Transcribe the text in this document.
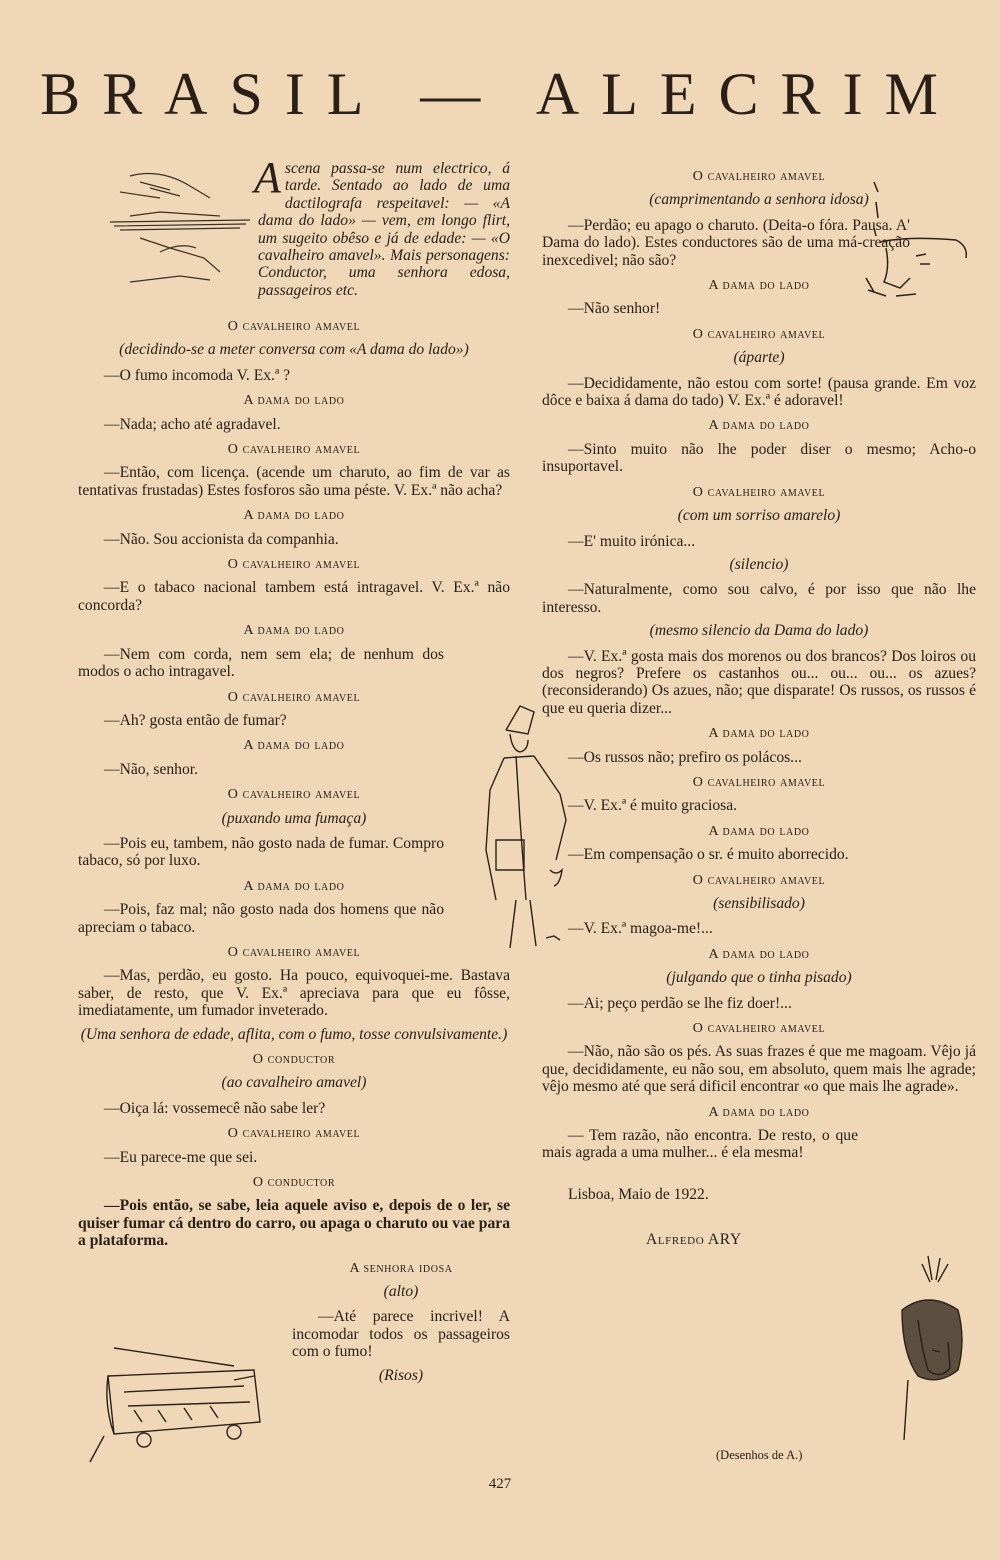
BRASIL — ALECRIM
A scena passa-se num electrico, á tarde. Sentado ao lado de uma dactilografa respeitavel: — «A dama do lado» — vem, em longo flirt, um sugeito obêso e já de edade: — «O cavalheiro amavel». Mais personagens: Conductor, uma senhora edosa, passageiros etc.
O cavalheiro amavel
(decidindo-se a meter conversa com «A dama do lado»)
—O fumo incomoda V. Ex.ª ?
A dama do lado
—Nada; acho até agradavel.
O cavalheiro amavel
—Então, com licença. (acende um charuto, ao fim de var as tentativas frustadas) Estes fosforos são uma péste. V. Ex.ª não acha?
A dama do lado
—Não. Sou accionista da companhia.
O cavalheiro amavel
—E o tabaco nacional tambem está intragavel. V. Ex.ª não concorda?
A dama do lado
—Nem com corda, nem sem ela; de nenhum dos modos o acho intragavel.
O cavalheiro amavel
—Ah? gosta então de fumar?
A dama do lado
—Não, senhor.
O cavalheiro amavel
(puxando uma fumaça)
—Pois eu, tambem, não gosto nada de fumar. Compro tabaco, só por luxo.
A dama do lado
—Pois, faz mal; não gosto nada dos homens que não apreciam o tabaco.
O cavalheiro amavel
—Mas, perdão, eu gosto. Ha pouco, equivoquei-me. Bastava saber, de resto, que V. Ex.ª apreciava para que eu fôsse, imediatamente, um fumador inveterado.
(Uma senhora de edade, aflita, com o fumo, tosse convulsivamente.)
O conductor
(ao cavalheiro amavel)
—Oiça lá: vossemecê não sabe ler?
O cavalheiro amavel
—Eu parece-me que sei.
O conductor
—Pois então, se sabe, leia aquele aviso e, depois de o ler, se quiser fumar cá dentro do carro, ou apaga o charuto ou vae para a plataforma.
A senhora idosa
(alto)
—Até parece incrivel! A incomodar todos os passageiros com o fumo!
(Risos)
O cavalheiro amavel
(camprimentando a senhora idosa)
—Perdão; eu apago o charuto. (Deita-o fóra. Pausa. A' Dama do lado). Estes conductores são de uma má-creação inexcedivel; não são?
A dama do lado
—Não senhor!
O cavalheiro amavel
(áparte)
—Decididamente, não estou com sorte! (pausa grande. Em voz dôce e baixa á dama do tado) V. Ex.ª é adoravel!
A dama do lado
—Sinto muito não lhe poder diser o mesmo; Acho-o insuportavel.
O cavalheiro amavel
(com um sorriso amarelo)
—E' muito irónica...
(silencio)
—Naturalmente, como sou calvo, é por isso que não lhe interesso.
(mesmo silencio da Dama do lado)
—V. Ex.ª gosta mais dos morenos ou dos brancos? Dos loiros ou dos negros? Prefere os castanhos ou... ou... ou... os azues? (reconsiderando) Os azues, não; que disparate! Os russos, os russos é que eu queria dizer...
A dama do lado
—Os russos não; prefiro os polácos...
O cavalheiro amavel
—V. Ex.ª é muito graciosa.
A dama do lado
—Em compensação o sr. é muito aborrecido.
O cavalheiro amavel
(sensibilisado)
—V. Ex.ª magoa-me!...
A dama do lado
(julgando que o tinha pisado)
—Ai; peço perdão se lhe fiz doer!...
O cavalheiro amavel
—Não, não são os pés. As suas frazes é que me magoam. Vêjo já que, decididamente, eu não sou, em absoluto, quem mais lhe agrade; vêjo mesmo até que será dificil encontrar «o que mais lhe agrade».
A dama do lado
— Tem razão, não encontra. De resto, o que mais agrada a uma mulher... é ela mesma!
Lisboa, Maio de 1922.
Alfredo ARY
(Desenhos de A.)
427
